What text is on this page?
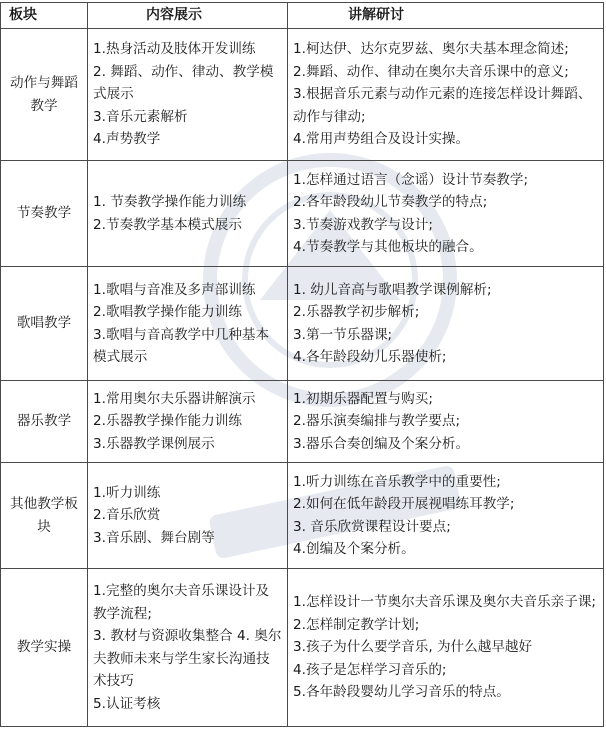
板块	内容展示	讲解研讨
动作与舞蹈教学	1.热身活动及肢体开发训练
2. 舞蹈、动作、律动、教学模式展示
3.音乐元素解析
4.声势教学	1.柯达伊、达尔克罗兹、奥尔夫基本理念简述;
2.舞蹈、动作、律动在奥尔夫音乐课中的意义;
3.根据音乐元素与动作元素的连接怎样设计舞蹈、动作与律动;
4.常用声势组合及设计实操。

节奏教学	1. 节奏教学操作能力训练
2.节奏教学基本模式展示	1.怎样通过语言（念谣）设计节奏教学;
2.各年龄段幼儿节奏教学的特点;
3.节奏游戏教学与设计;
4.节奏教学与其他板块的融合。

歌唱教学	1.歌唱与音准及多声部训练
2.歌唱教学操作能力训练
3.歌唱与音高教学中几种基本模式展示	1. 幼儿音高与歌唱教学课例解析;
2.乐器教学初步解析;
3.第一节乐器课;
4.各年龄段幼儿乐器使析;

器乐教学	1.常用奥尔夫乐器讲解演示
2.乐器教学操作能力训练
3.乐器教学课例展示	1.初期乐器配置与购买;
2.器乐演奏编排与教学要点;
3.器乐合奏创编及个案分析。

其他教学板块	1.听力训练
2.音乐欣赏
3.音乐剧、舞台剧等	1.听力训练在音乐教学中的重要性;
2.如何在低年龄段开展视唱练耳教学;
3. 音乐欣赏课程设计要点;
4.创编及个案分析。

教学实操	1.完整的奥尔夫音乐课设计及教学流程;
3. 教材与资源收集整合 4. 奥尔夫教师未来与学生家长沟通技术技巧
5.认证考核	1.怎样设计一节奥尔夫音乐课及奥尔夫音乐亲子课;
2.怎样制定教学计划;
3.孩子为什么要学音乐, 为什么越早越好
4.孩子是怎样学习音乐的;
5.各年龄段婴幼儿学习音乐的特点。
